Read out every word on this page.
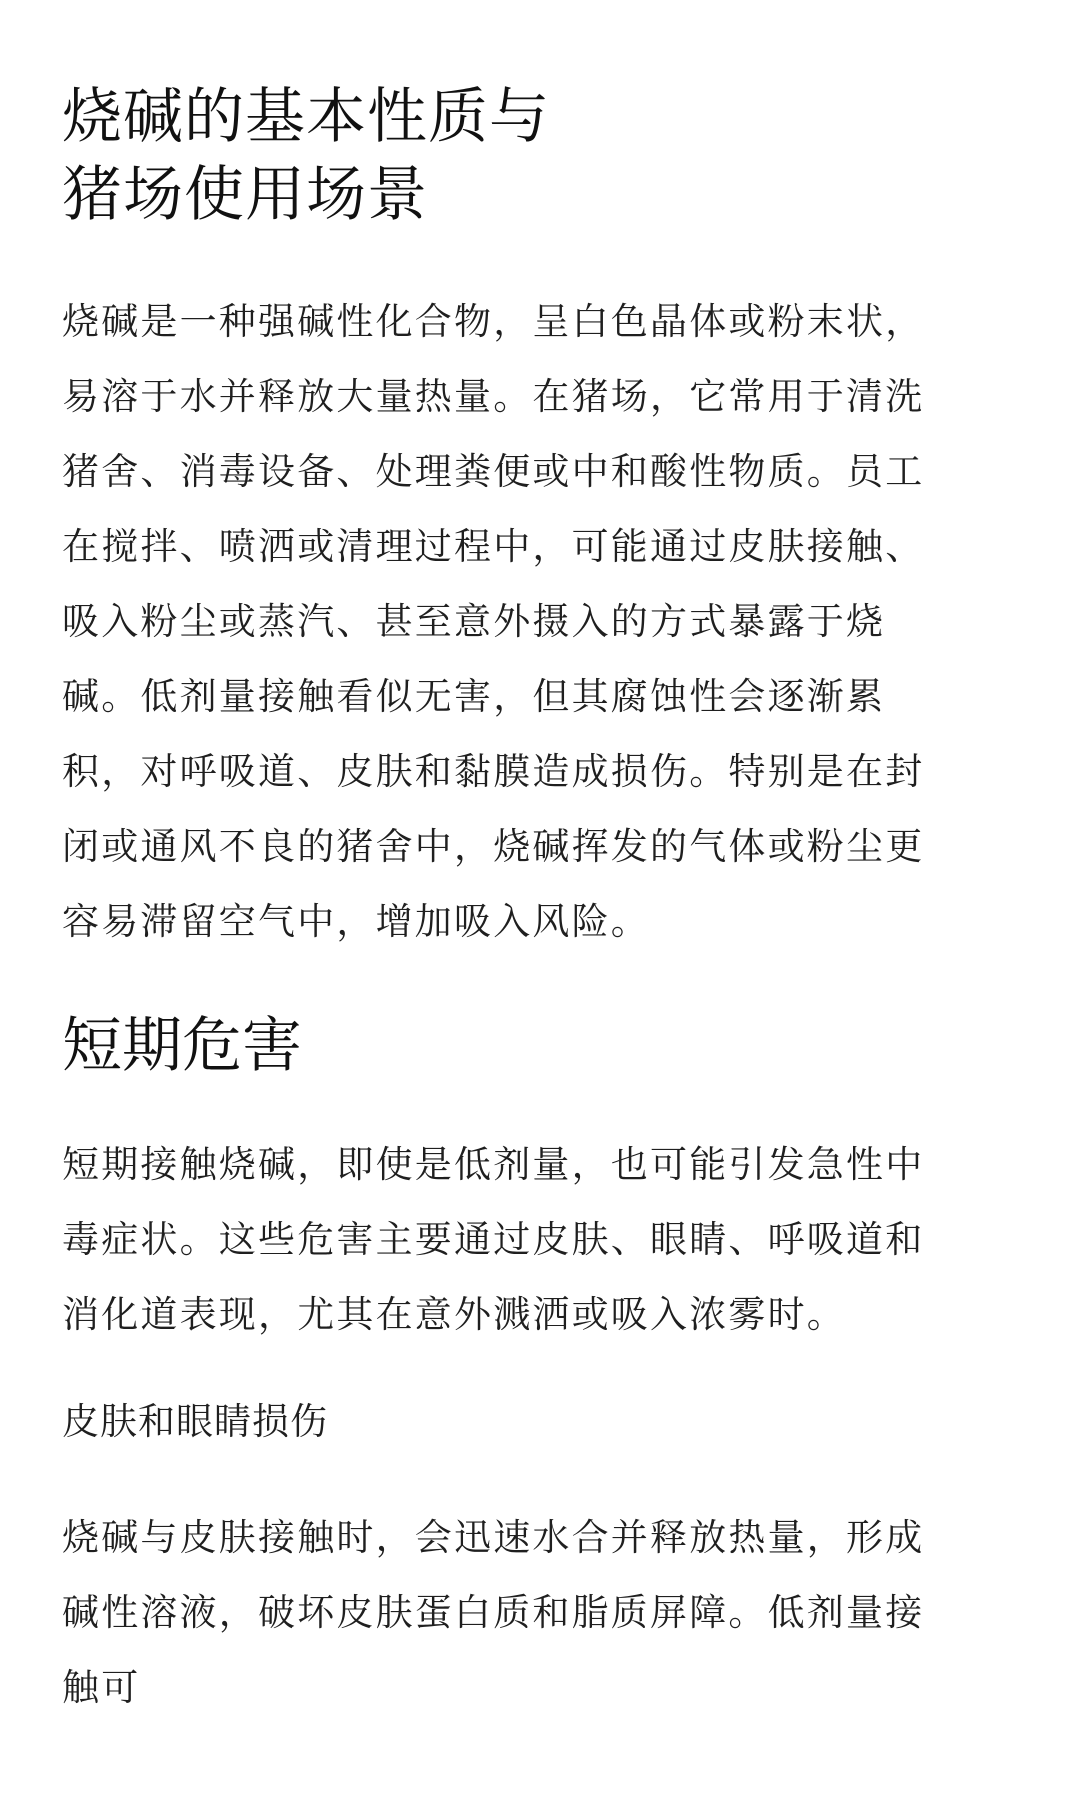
烧碱的基本性质与
猪场使用场景

烧碱是一种强碱性化合物，呈白色晶体或粉末状，
易溶于水并释放大量热量。在猪场，它常用于清洗
猪舍、消毒设备、处理粪便或中和酸性物质。员工
在搅拌、喷洒或清理过程中，可能通过皮肤接触、
吸入粉尘或蒸汽、甚至意外摄入的方式暴露于烧
碱。低剂量接触看似无害，但其腐蚀性会逐渐累
积，对呼吸道、皮肤和黏膜造成损伤。特别是在封
闭或通风不良的猪舍中，烧碱挥发的气体或粉尘更
容易滞留空气中，增加吸入风险。

短期危害

短期接触烧碱，即使是低剂量，也可能引发急性中
毒症状。这些危害主要通过皮肤、眼睛、呼吸道和
消化道表现，尤其在意外溅洒或吸入浓雾时。

皮肤和眼睛损伤

烧碱与皮肤接触时，会迅速水合并释放热量，形成
碱性溶液，破坏皮肤蛋白质和脂质屏障。低剂量接
触可
